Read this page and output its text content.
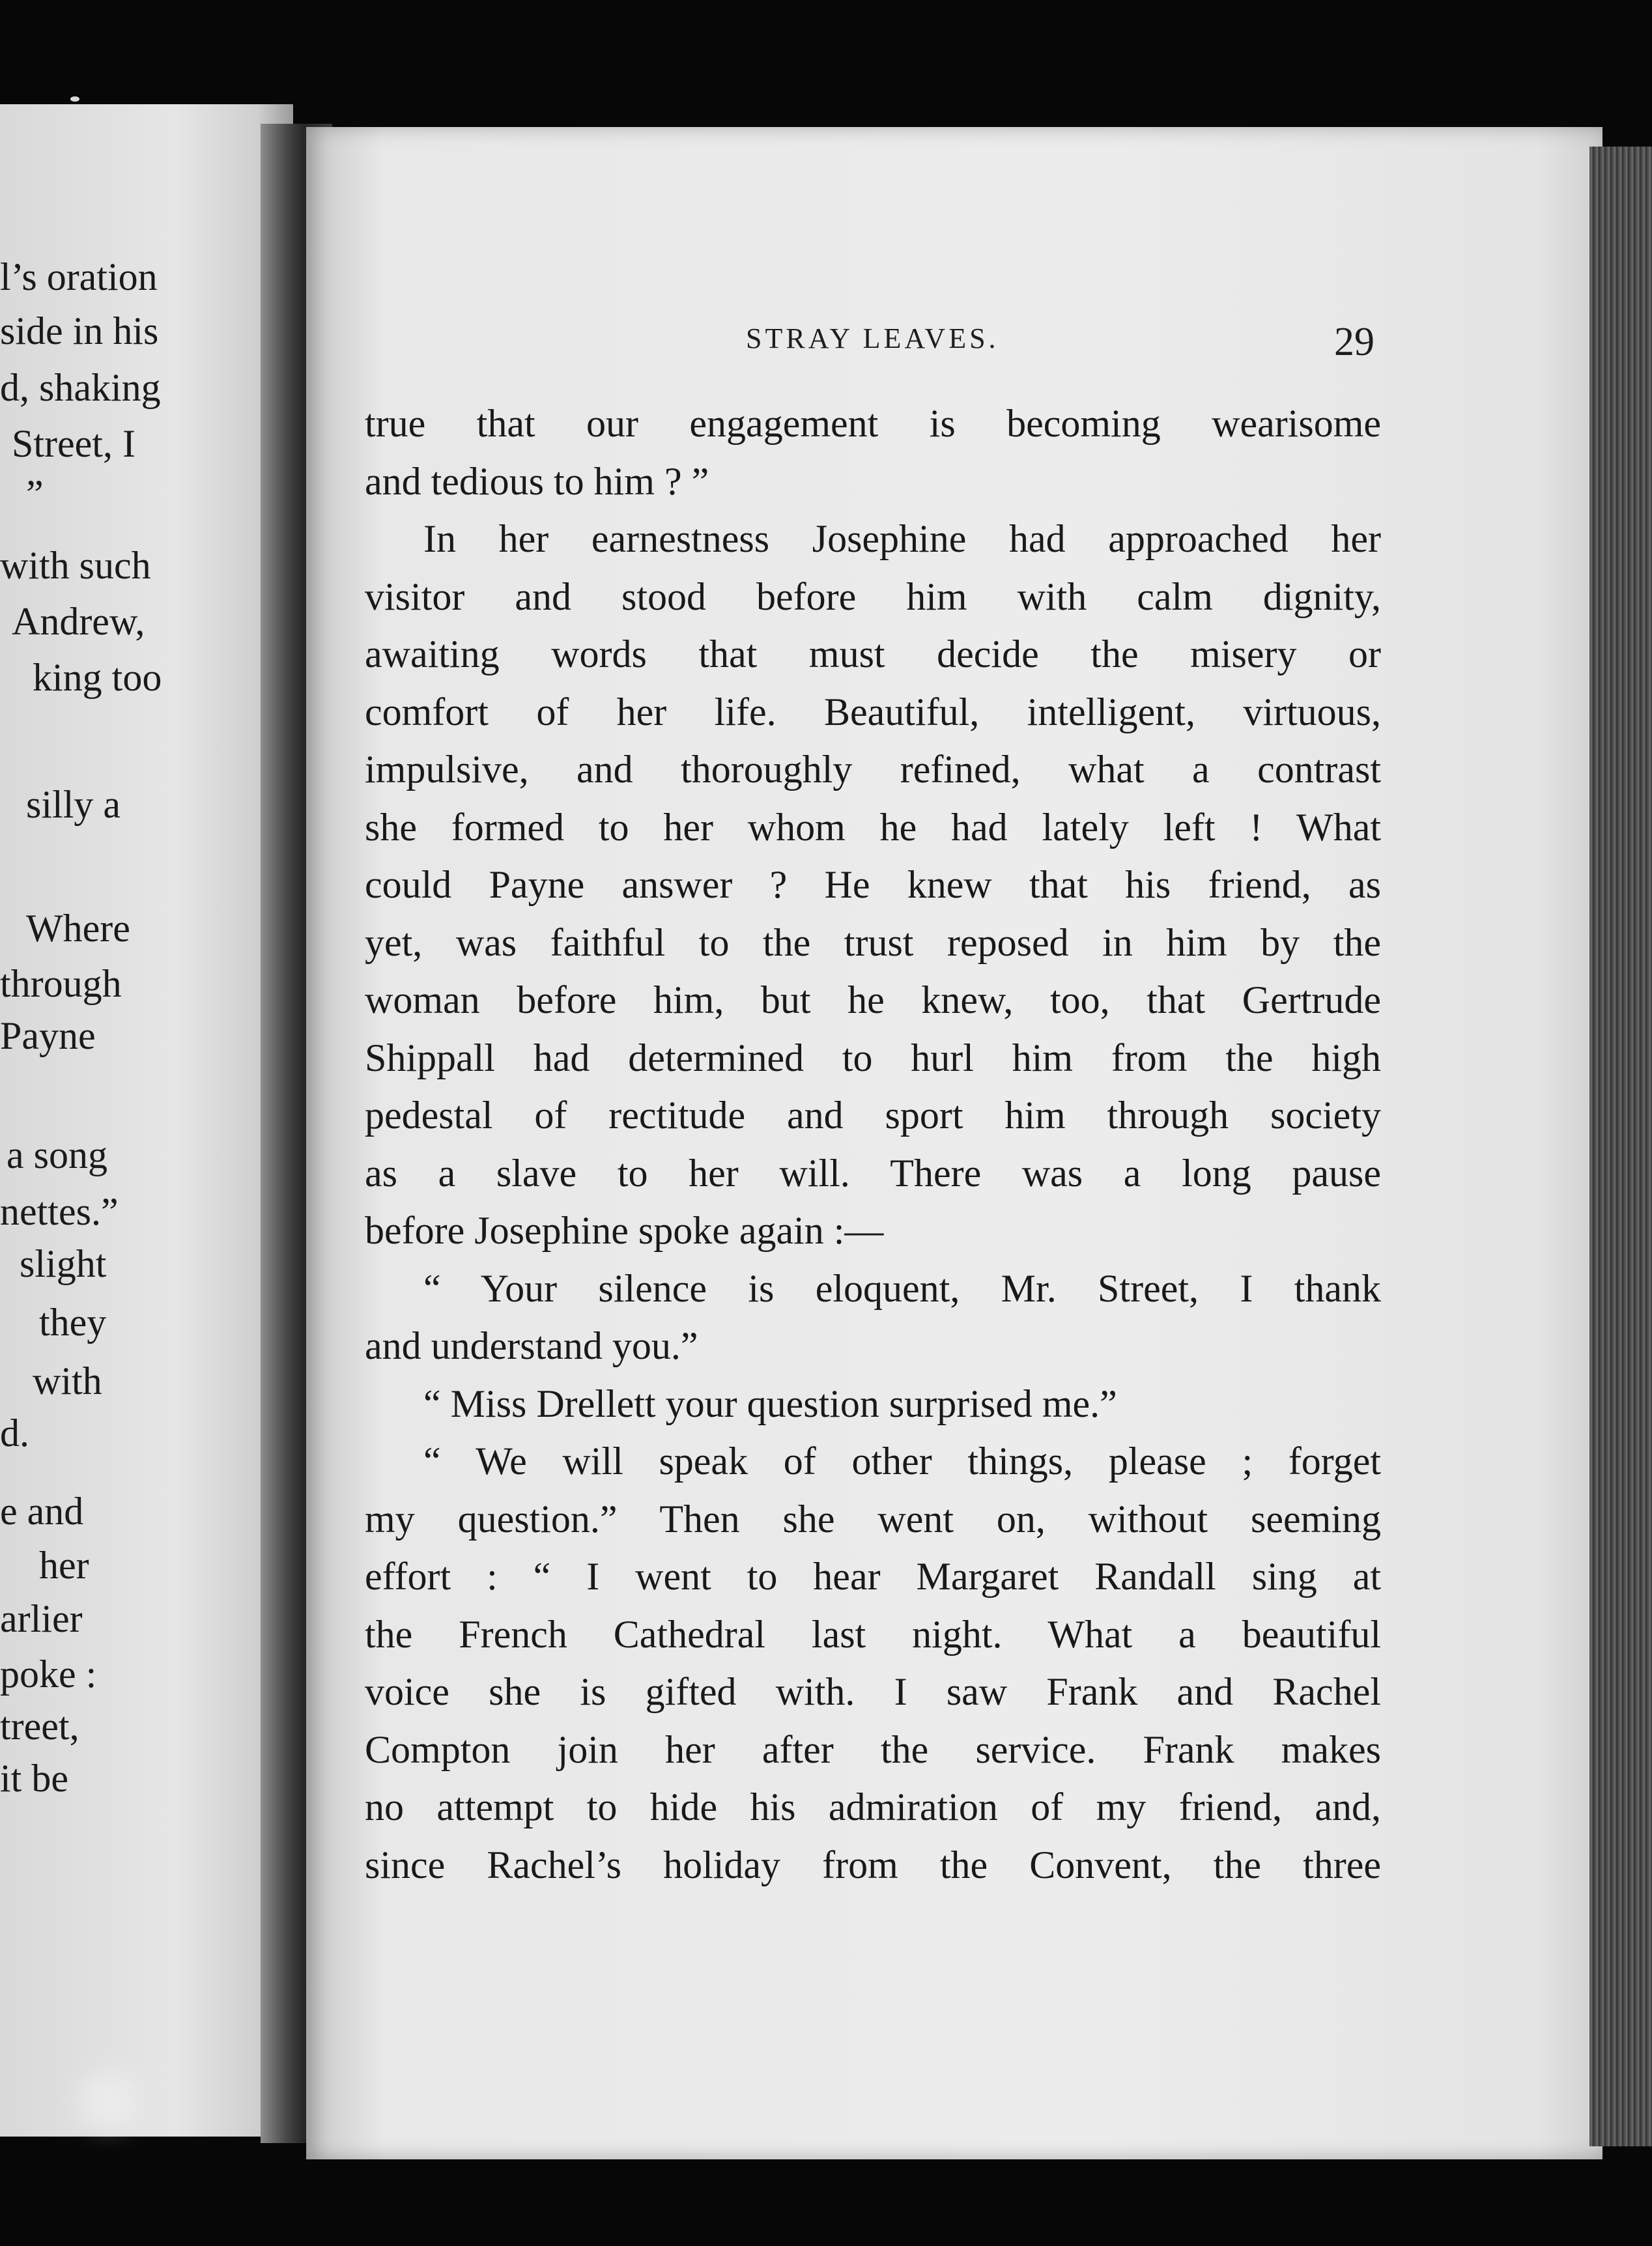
l’s oration
side in his
d, shaking
Street, I
”
with such
Andrew,
king too
silly a
Where
through
Payne
a song
nettes.”
slight
they
with
d.
e and
her
arlier
poke :
treet,
it be
STRAY LEAVES.	29
true that our engagement is becoming wearisome
and tedious to him ? ”
In her earnestness Josephine had approached her
visitor and stood before him with calm dignity,
awaiting words that must decide the misery or
comfort of her life. Beautiful, intelligent, virtuous,
impulsive, and thoroughly refined, what a contrast
she formed to her whom he had lately left ! What
could Payne answer ? He knew that his friend, as
yet, was faithful to the trust reposed in him by the
woman before him, but he knew, too, that Gertrude
Shippall had determined to hurl him from the high
pedestal of rectitude and sport him through society
as a slave to her will. There was a long pause
before Josephine spoke again :—
“ Your silence is eloquent, Mr. Street, I thank
and understand you.”
“ Miss Drellett your question surprised me.”
“ We will speak of other things, please ; forget
my question.” Then she went on, without seeming
effort : “ I went to hear Margaret Randall sing at
the French Cathedral last night. What a beautiful
voice she is gifted with. I saw Frank and Rachel
Compton join her after the service. Frank makes
no attempt to hide his admiration of my friend, and,
since Rachel’s holiday from the Convent, the three
